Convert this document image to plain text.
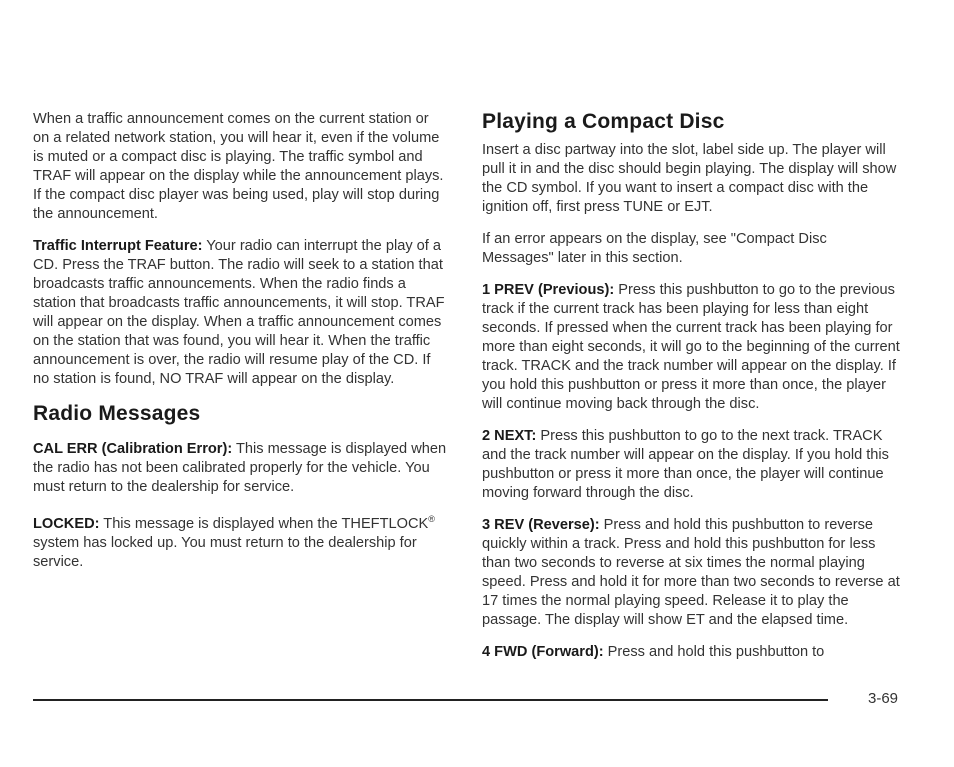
When a traffic announcement comes on the current station or on a related network station, you will hear it, even if the volume is muted or a compact disc is playing. The traffic symbol and TRAF will appear on the display while the announcement plays. If the compact disc player was being used, play will stop during the announcement.

Traffic Interrupt Feature: Your radio can interrupt the play of a CD. Press the TRAF button. The radio will seek to a station that broadcasts traffic announcements. When the radio finds a station that broadcasts traffic announcements, it will stop. TRAF will appear on the display. When a traffic announcement comes on the station that was found, you will hear it. When the traffic announcement is over, the radio will resume play of the CD. If no station is found, NO TRAF will appear on the display.

Radio Messages

CAL ERR (Calibration Error): This message is displayed when the radio has not been calibrated properly for the vehicle. You must return to the dealership for service.

LOCKED: This message is displayed when the THEFTLOCK® system has locked up. You must return to the dealership for service.

Playing a Compact Disc

Insert a disc partway into the slot, label side up. The player will pull it in and the disc should begin playing. The display will show the CD symbol. If you want to insert a compact disc with the ignition off, first press TUNE or EJT.

If an error appears on the display, see "Compact Disc Messages" later in this section.

1 PREV (Previous): Press this pushbutton to go to the previous track if the current track has been playing for less than eight seconds. If pressed when the current track has been playing for more than eight seconds, it will go to the beginning of the current track. TRACK and the track number will appear on the display. If you hold this pushbutton or press it more than once, the player will continue moving back through the disc.

2 NEXT: Press this pushbutton to go to the next track. TRACK and the track number will appear on the display. If you hold this pushbutton or press it more than once, the player will continue moving forward through the disc.

3 REV (Reverse): Press and hold this pushbutton to reverse quickly within a track. Press and hold this pushbutton for less than two seconds to reverse at six times the normal playing speed. Press and hold it for more than two seconds to reverse at 17 times the normal playing speed. Release it to play the passage. The display will show ET and the elapsed time.

4 FWD (Forward): Press and hold this pushbutton to

3-69
